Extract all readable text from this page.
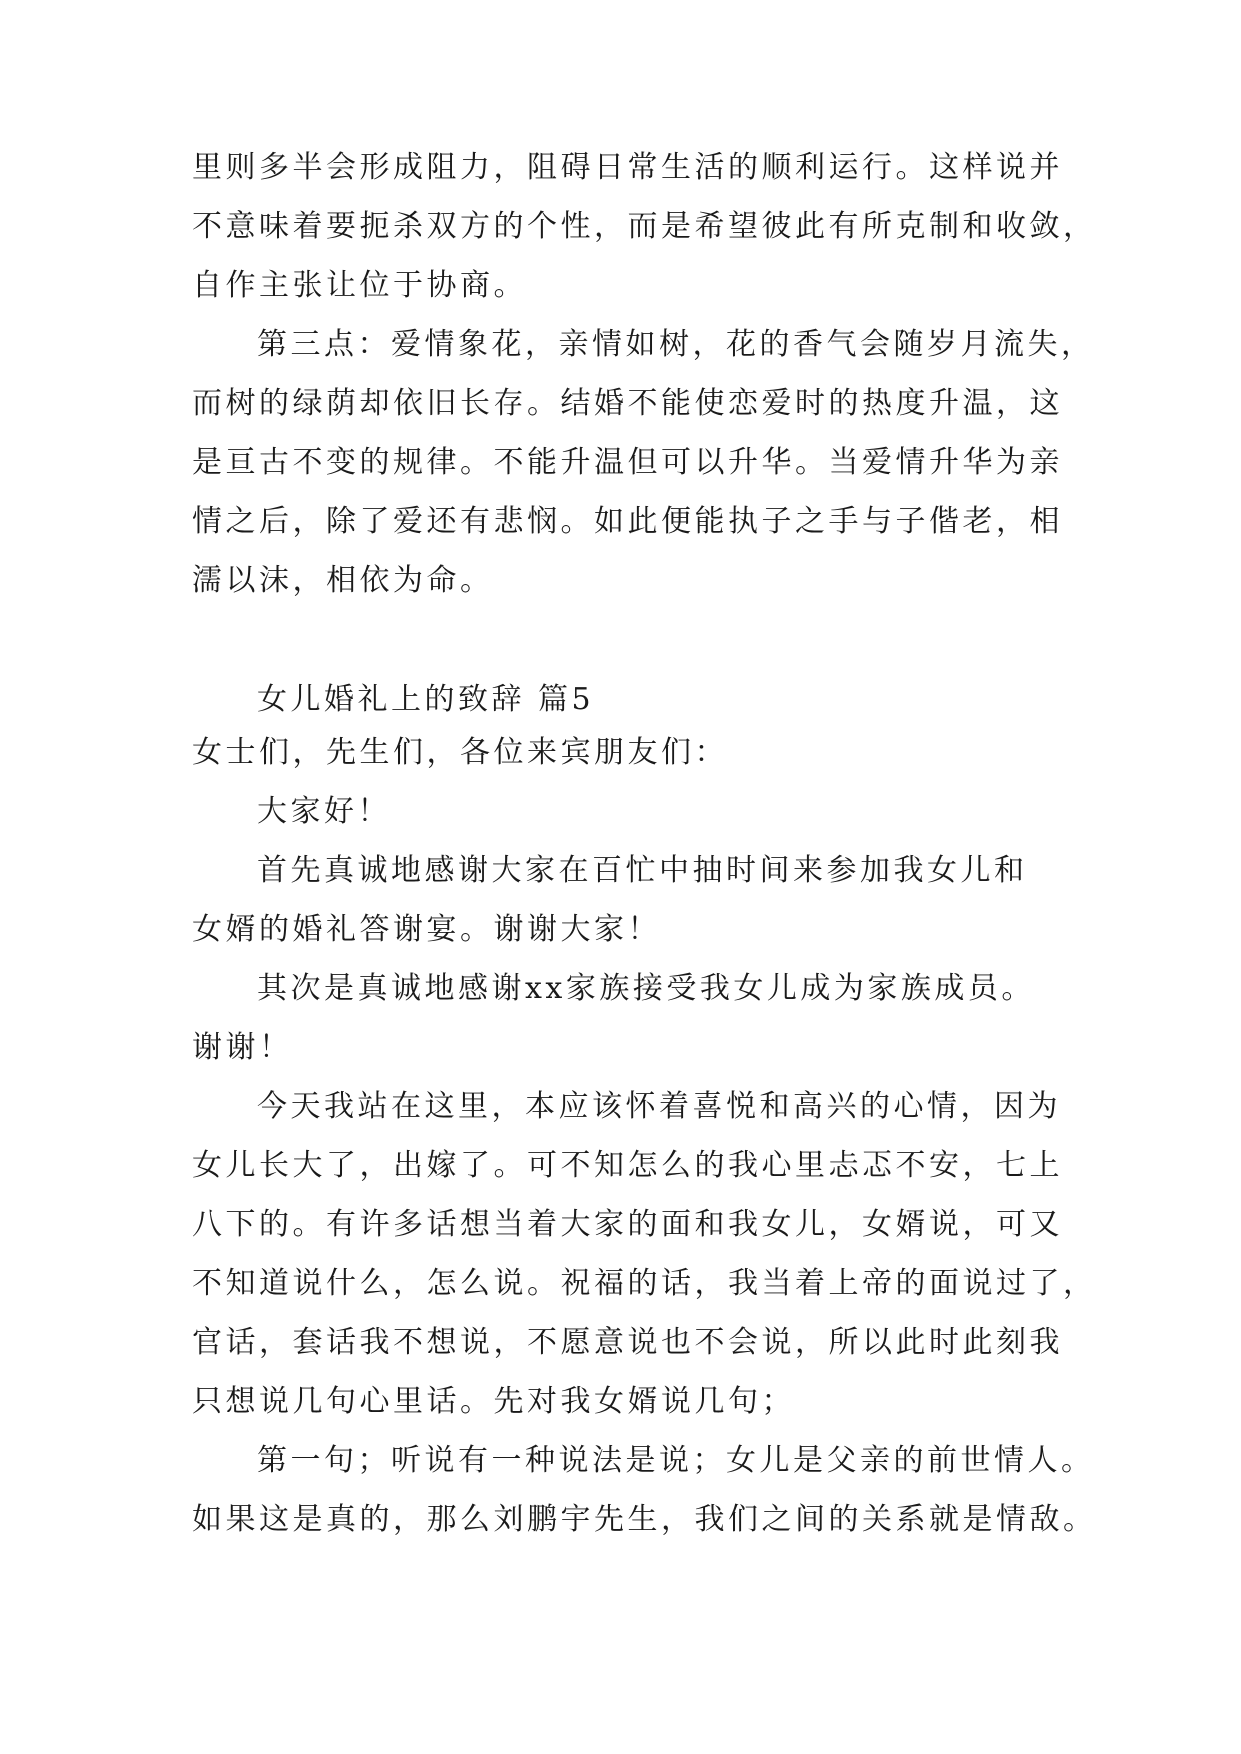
里则多半会形成阻力，阻碍日常生活的顺利运行。这样说并
不意味着要扼杀双方的个性，而是希望彼此有所克制和收敛，
自作主张让位于协商。
第三点：爱情象花，亲情如树，花的香气会随岁月流失，
而树的绿荫却依旧长存。结婚不能使恋爱时的热度升温，这
是亘古不变的规律。不能升温但可以升华。当爱情升华为亲
情之后，除了爱还有悲悯。如此便能执子之手与子偕老，相
濡以沫，相依为命。
女儿婚礼上的致辞 篇5
女士们，先生们，各位来宾朋友们：
大家好！
首先真诚地感谢大家在百忙中抽时间来参加我女儿和
女婿的婚礼答谢宴。谢谢大家！
其次是真诚地感谢xx家族接受我女儿成为家族成员。
谢谢！
今天我站在这里，本应该怀着喜悦和高兴的心情，因为
女儿长大了，出嫁了。可不知怎么的我心里忐忑不安，七上
八下的。有许多话想当着大家的面和我女儿，女婿说，可又
不知道说什么，怎么说。祝福的话，我当着上帝的面说过了，
官话，套话我不想说，不愿意说也不会说，所以此时此刻我
只想说几句心里话。先对我女婿说几句；
第一句；听说有一种说法是说；女儿是父亲的前世情人。
如果这是真的，那么刘鹏宇先生，我们之间的关系就是情敌。
